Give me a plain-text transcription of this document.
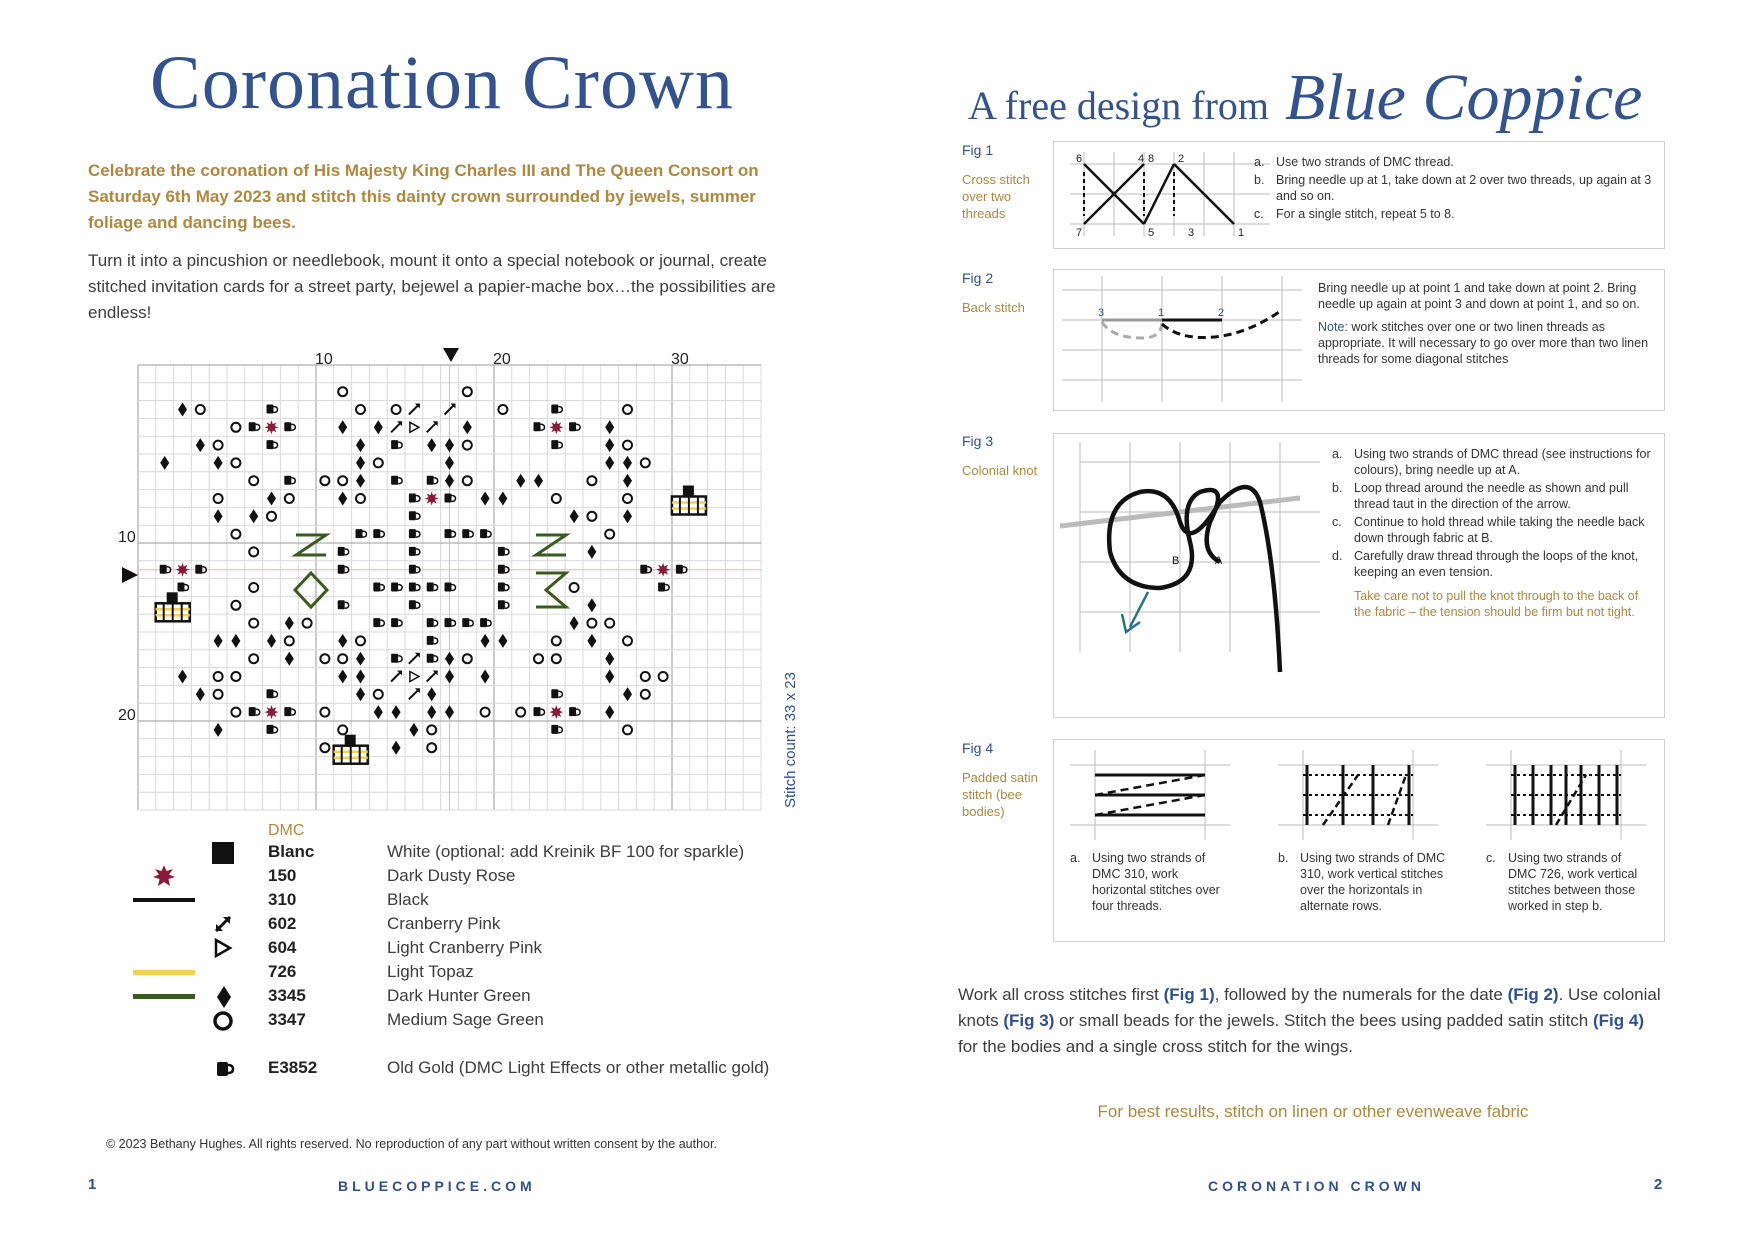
Coronation Crown
Celebrate the coronation of His Majesty King Charles III and The Queen Consort on Saturday 6th May 2023 and stitch this dainty crown surrounded by jewels, summer foliage and dancing bees.
Turn it into a pincushion or needlebook, mount it onto a special notebook or journal, create stitched invitation cards for a street party, bejewel a papier-mache box…the possibilities are endless!
10	20	30
10
20	Stitch count: 33 x 23
DMC
Blanc	White (optional: add Kreinik BF 100 for sparkle)
150	Dark Dusty Rose
310	Black
602	Cranberry Pink
604	Light Cranberry Pink
726	Light Topaz
3345	Dark Hunter Green
3347	Medium Sage Green
E3852	Old Gold (DMC Light Effects or other metallic gold)
© 2023 Bethany Hughes. All rights reserved. No reproduction of any part without written consent by the author.
1	BLUECOPPICE.COM
A free design from Blue Coppice
Fig 1
Cross stitch over two threads
6	4 8 2
7	5	3	1
a. Use two strands of DMC thread.
b. Bring needle up at 1, take down at 2 over two threads, up again at 3 and so on.
c. For a single stitch, repeat 5 to 8.
Fig 2
Back stitch	3	1	2
Bring needle up at point 1 and take down at point 2. Bring needle up again at point 3 and down at point 1, and so on.
Note: work stitches over one or two linen threads as appropriate. It will necessary to go over more than two linen threads for some diagonal stitches
Fig 3
Colonial knot
B	A
a. Using two strands of DMC thread (see instructions for colours), bring needle up at A.
b. Loop thread around the needle as shown and pull thread taut in the direction of the arrow.
c. Continue to hold thread while taking the needle back down through fabric at B.
d. Carefully draw thread through the loops of the knot, keeping an even tension.
Take care not to pull the knot through to the back of the fabric – the tension should be firm but not tight.
Fig 4
Padded satin stitch (bee bodies)
a. Using two strands of DMC 310, work horizontal stitches over four threads.
b. Using two strands of DMC 310, work vertical stitches over the horizontals in alternate rows.
c. Using two strands of DMC 726, work vertical stitches between those worked in step b.
Work all cross stitches first (Fig 1), followed by the numerals for the date (Fig 2). Use colonial knots (Fig 3) or small beads for the jewels. Stitch the bees using padded satin stitch (Fig 4) for the bodies and a single cross stitch for the wings.
For best results, stitch on linen or other evenweave fabric
CORONATION CROWN	2
